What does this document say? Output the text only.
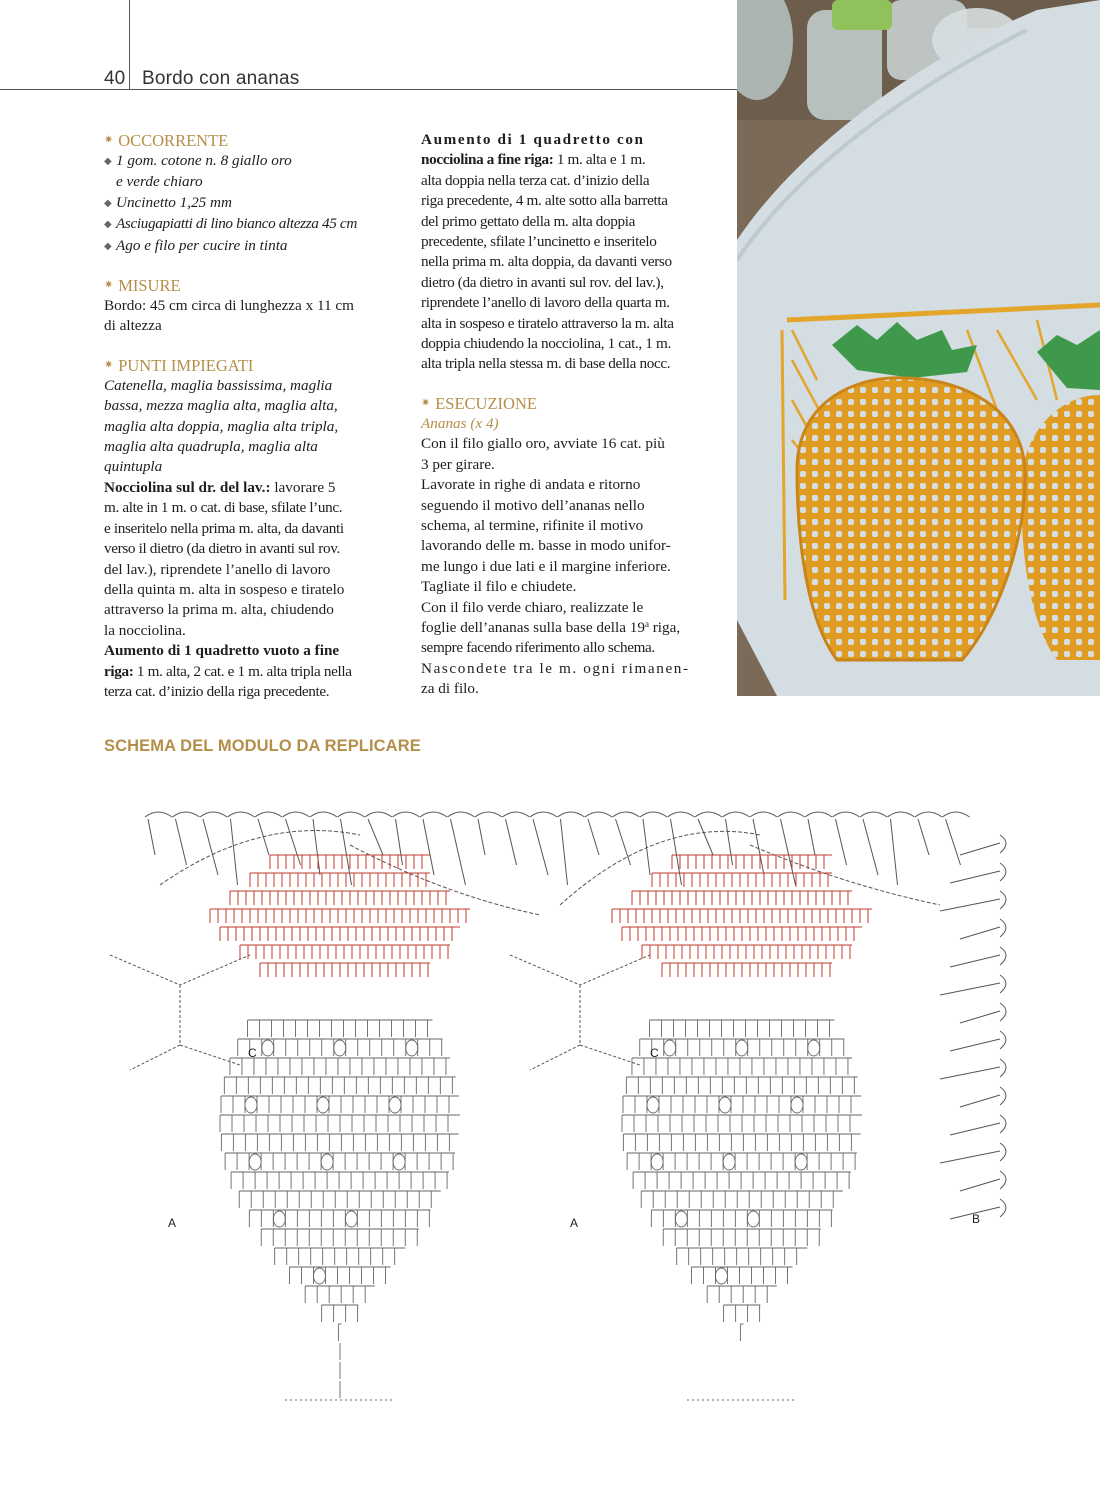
40 Bordo con ananas
✷ OCCORRENTE
◆ 1 gom. cotone n. 8 giallo oro
e verde chiaro
◆ Uncinetto 1,25 mm
◆ Asciugapiatti di lino bianco altezza 45 cm
◆ Ago e filo per cucire in tinta
✷ MISURE
Bordo: 45 cm circa di lunghezza x 11 cm
di altezza
✷ PUNTI IMPIEGATI
Catenella, maglia bassissima, maglia
bassa, mezza maglia alta, maglia alta,
maglia alta doppia, maglia alta tripla,
maglia alta quadrupla, maglia alta
quintupla
Nocciolina sul dr. del lav.: lavorare 5
m. alte in 1 m. o cat. di base, sfilate l’unc.
e inseritelo nella prima m. alta, da davanti
verso il dietro (da dietro in avanti sul rov.
del lav.), riprendete l’anello di lavoro
della quinta m. alta in sospeso e tiratelo
attraverso la prima m. alta, chiudendo
la nocciolina.
Aumento di 1 quadretto vuoto a fine
riga: 1 m. alta, 2 cat. e 1 m. alta tripla nella
terza cat. d’inizio della riga precedente.
Aumento di 1 quadretto con
nocciolina a fine riga: 1 m. alta e 1 m.
alta doppia nella terza cat. d’inizio della
riga precedente, 4 m. alte sotto alla barretta
del primo gettato della m. alta doppia
precedente, sfilate l’uncinetto e inseritelo
nella prima m. alta doppia, da davanti verso
dietro (da dietro in avanti sul rov. del lav.),
riprendete l’anello di lavoro della quarta m.
alta in sospeso e tiratelo attraverso la m. alta
doppia chiudendo la nocciolina, 1 cat., 1 m.
alta tripla nella stessa m. di base della nocc.
✷ ESECUZIONE
Ananas (x 4)
Con il filo giallo oro, avviate 16 cat. più
3 per girare.
Lavorate in righe di andata e ritorno
seguendo il motivo dell’ananas nello
schema, al termine, rifinite il motivo
lavorando delle m. basse in modo unifor-
me lungo i due lati e il margine inferiore.
Tagliate il filo e chiudete.
Con il filo verde chiaro, realizzate le
foglie dell’ananas sulla base della 19$^a$ riga,
sempre facendo riferimento allo schema.
Nascondete tra le m. ogni rimanen-
za di filo.
SCHEMA DEL MODULO DA REPLICARE
A	A	B
C	C
